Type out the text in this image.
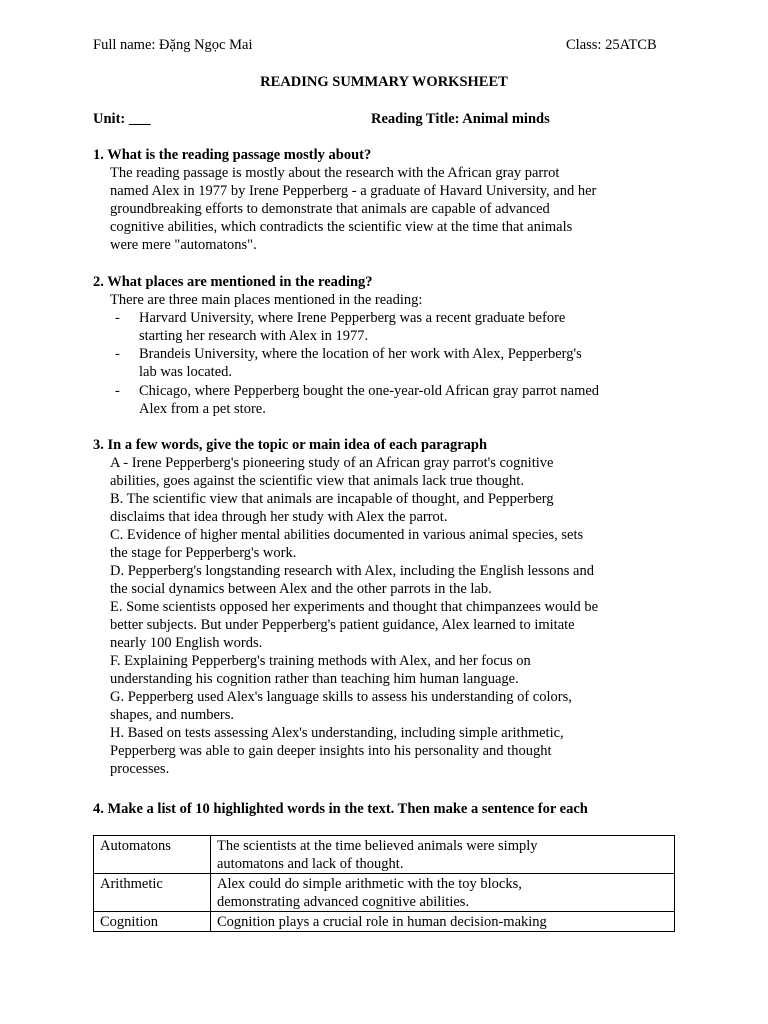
Full name: Đặng Ngọc Mai	Class: 25ATCB
READING SUMMARY WORKSHEET
Unit: ___	Reading Title: Animal minds
1. What is the reading passage mostly about?
The reading passage is mostly about the research with the African gray parrot
named Alex in 1977 by Irene Pepperberg - a graduate of Havard University, and her
groundbreaking efforts to demonstrate that animals are capable of advanced
cognitive abilities, which contradicts the scientific view at the time that animals
were mere "automatons".
2. What places are mentioned in the reading?
There are three main places mentioned in the reading:
- Harvard University, where Irene Pepperberg was a recent graduate before
starting her research with Alex in 1977.
- Brandeis University, where the location of her work with Alex, Pepperberg's
lab was located.
- Chicago, where Pepperberg bought the one-year-old African gray parrot named
Alex from a pet store.
3. In a few words, give the topic or main idea of each paragraph
A - Irene Pepperberg's pioneering study of an African gray parrot's cognitive
abilities, goes against the scientific view that animals lack true thought.
B. The scientific view that animals are incapable of thought, and Pepperberg
disclaims that idea through her study with Alex the parrot.
C. Evidence of higher mental abilities documented in various animal species, sets
the stage for Pepperberg's work.
D. Pepperberg's longstanding research with Alex, including the English lessons and
the social dynamics between Alex and the other parrots in the lab.
E. Some scientists opposed her experiments and thought that chimpanzees would be
better subjects. But under Pepperberg's patient guidance, Alex learned to imitate
nearly 100 English words.
F. Explaining Pepperberg's training methods with Alex, and her focus on
understanding his cognition rather than teaching him human language.
G. Pepperberg used Alex's language skills to assess his understanding of colors,
shapes, and numbers.
H. Based on tests assessing Alex's understanding, including simple arithmetic,
Pepperberg was able to gain deeper insights into his personality and thought
processes.
4. Make a list of 10 highlighted words in the text. Then make a sentence for each
Automatons	The scientists at the time believed animals were simply
automatons and lack of thought.

Arithmetic	Alex could do simple arithmetic with the toy blocks,
demonstrating advanced cognitive abilities.

Cognition	Cognition plays a crucial role in human decision-making
